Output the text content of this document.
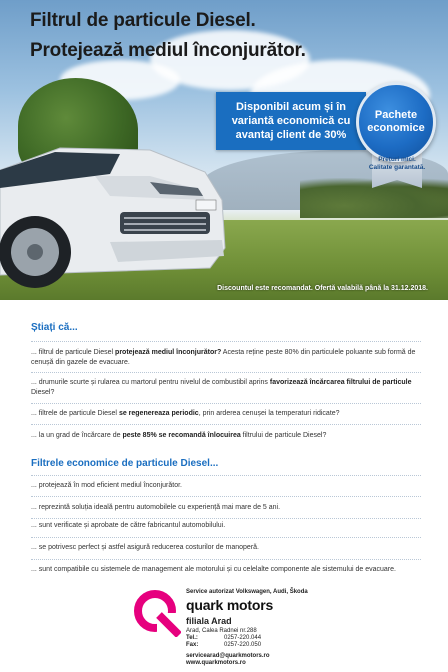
Filtrul de particule Diesel.
Protejează mediul înconjurător.
Disponibil acum și în variantă economică cu avantaj client de 30%
Pachete economice
Prețuri mici. Calitate garantată.
Discountul este recomandat. Ofertă valabilă până la 31.12.2018.
Știați că...
... filtrul de particule Diesel protejează mediul înconjurător? Acesta reține peste 80% din particulele poluante sub formă de cenușă din gazele de evacuare.
... drumurile scurte și rularea cu martorul pentru nivelul de combustibil aprins favorizează încărcarea filtrului de particule Diesel?
... filtrele de particule Diesel se regenereaza periodic, prin arderea cenușei la temperaturi ridicate?
... la un grad de încărcare de peste 85% se recomandă înlocuirea filtrului de particule Diesel?
Filtrele economice de particule Diesel...
... protejează în mod eficient mediul înconjurător.
... reprezintă soluția ideală pentru automobilele cu experiență mai mare de 5 ani.
... sunt verificate și aprobate de către fabricantul automobilului.
... se potrivesc perfect și astfel asigură reducerea costurilor de manoperă.
... sunt compatibile cu sistemele de management ale motorului și cu celelalte componente ale sistemului de evacuare.
Service autorizat Volkswagen, Audi, Škoda
quark motors
filiala Arad
Arad, Calea Radnei nr.288
Tel.:	0257-220.044
Fax:	0257-220.050
servicearad@quarkmotors.ro
www.quarkmotors.ro
